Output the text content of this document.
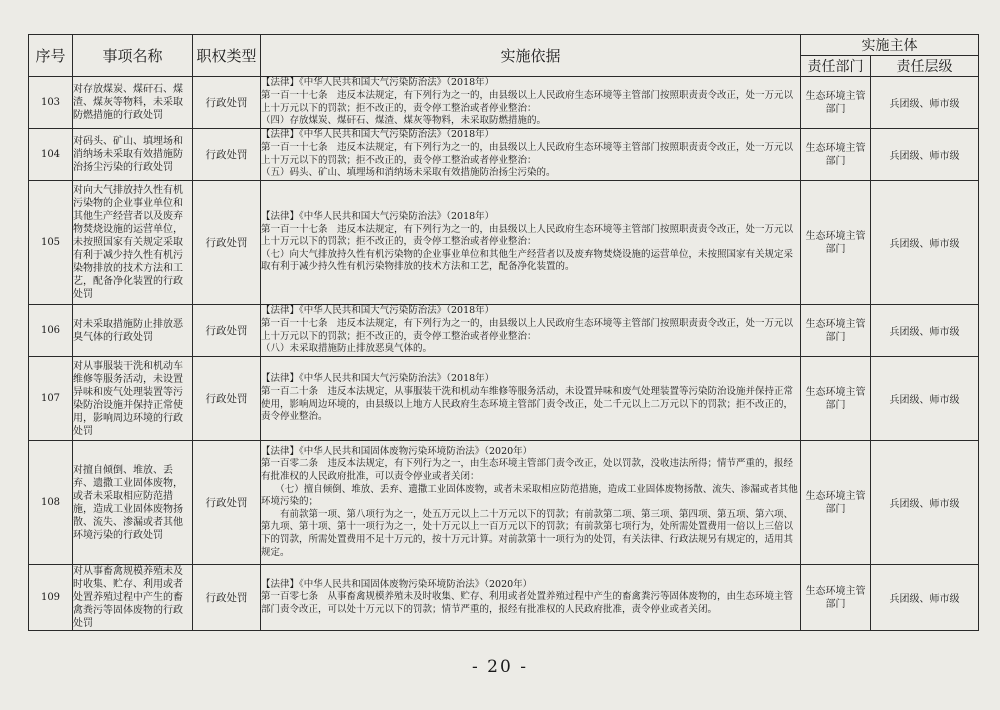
序号	事项名称	职权类型	实施依据	实施主体	
				责任部门	责任层级
103	对存放煤炭、煤矸石、煤渣、煤灰等物料，未采取防燃措施的行政处罚	行政处罚	【法律】《中华人民共和国大气污染防治法》（2018年）
第一百一十七条　违反本法规定，有下列行为之一的，由县级以上人民政府生态环境等主管部门按照职责责令改正，处一万元以上十万元以下的罚款；拒不改正的，责令停工整治或者停业整治：
（四）存放煤炭、煤矸石、煤渣、煤灰等物料，未采取防燃措施的。	生态环境主管部门	兵团级、师市级
104	对码头、矿山、填埋场和消纳场未采取有效措施防治扬尘污染的行政处罚	行政处罚	【法律】《中华人民共和国大气污染防治法》（2018年）
第一百一十七条　违反本法规定，有下列行为之一的，由县级以上人民政府生态环境等主管部门按照职责责令改正，处一万元以上十万元以下的罚款；拒不改正的，责令停工整治或者停业整治：
（五）码头、矿山、填埋场和消纳场未采取有效措施防治扬尘污染的。	生态环境主管部门	兵团级、师市级
105	对向大气排放持久性有机污染物的企业事业单位和其他生产经营者以及废弃物焚烧设施的运营单位，未按照国家有关规定采取有利于减少持久性有机污染物排放的技术方法和工艺，配备净化装置的行政处罚	行政处罚	【法律】《中华人民共和国大气污染防治法》（2018年）
第一百一十七条　违反本法规定，有下列行为之一的，由县级以上人民政府生态环境等主管部门按照职责责令改正，处一万元以上十万元以下的罚款；拒不改正的，责令停工整治或者停业整治：
（七）向大气排放持久性有机污染物的企业事业单位和其他生产经营者以及废弃物焚烧设施的运营单位，未按照国家有关规定采取有利于减少持久性有机污染物排放的技术方法和工艺，配备净化装置的。	生态环境主管部门	兵团级、师市级
106	对未采取措施防止排放恶臭气体的行政处罚	行政处罚	【法律】《中华人民共和国大气污染防治法》（2018年）
第一百一十七条　违反本法规定，有下列行为之一的，由县级以上人民政府生态环境等主管部门按照职责责令改正，处一万元以上十万元以下的罚款；拒不改正的，责令停工整治或者停业整治：
（八）未采取措施防止排放恶臭气体的。	生态环境主管部门	兵团级、师市级
107	对从事服装干洗和机动车维修等服务活动，未设置异味和废气处理装置等污染防治设施并保持正常使用，影响周边环境的行政处罚	行政处罚	【法律】《中华人民共和国大气污染防治法》（2018年）
第一百二十条　违反本法规定，从事服装干洗和机动车维修等服务活动，未设置异味和废气处理装置等污染防治设施并保持正常使用，影响周边环境的，由县级以上地方人民政府生态环境主管部门责令改正，处二千元以上二万元以下的罚款；拒不改正的，责令停业整治。	生态环境主管部门	兵团级、师市级
108	对擅自倾倒、堆放、丢弃、遗撒工业固体废物，或者未采取相应防范措施，造成工业固体废物扬散、流失、渗漏或者其他环境污染的行政处罚	行政处罚	【法律】《中华人民共和国固体废物污染环境防治法》（2020年）
第一百零二条　违反本法规定，有下列行为之一，由生态环境主管部门责令改正，处以罚款，没收违法所得；情节严重的，报经有批准权的人民政府批准，可以责令停业或者关闭：
　　（七）擅自倾倒、堆放、丢弃、遗撒工业固体废物，或者未采取相应防范措施，造成工业固体废物扬散、流失、渗漏或者其他环境污染的；
　　有前款第一项、第八项行为之一，处五万元以上二十万元以下的罚款；有前款第二项、第三项、第四项、第五项、第六项、第九项、第十项、第十一项行为之一，处十万元以上一百万元以下的罚款；有前款第七项行为，处所需处置费用一倍以上三倍以下的罚款，所需处置费用不足十万元的，按十万元计算。对前款第十一项行为的处罚，有关法律、行政法规另有规定的，适用其规定。	生态环境主管部门	兵团级、师市级
109	对从事畜禽规模养殖未及时收集、贮存、利用或者处置养殖过程中产生的畜禽粪污等固体废物的行政处罚	行政处罚	【法律】《中华人民共和国固体废物污染环境防治法》（2020年）
第一百零七条　从事畜禽规模养殖未及时收集、贮存、利用或者处置养殖过程中产生的畜禽粪污等固体废物的，由生态环境主管部门责令改正，可以处十万元以下的罚款；情节严重的，报经有批准权的人民政府批准，责令停业或者关闭。	生态环境主管部门	兵团级、师市级
- 20 -
